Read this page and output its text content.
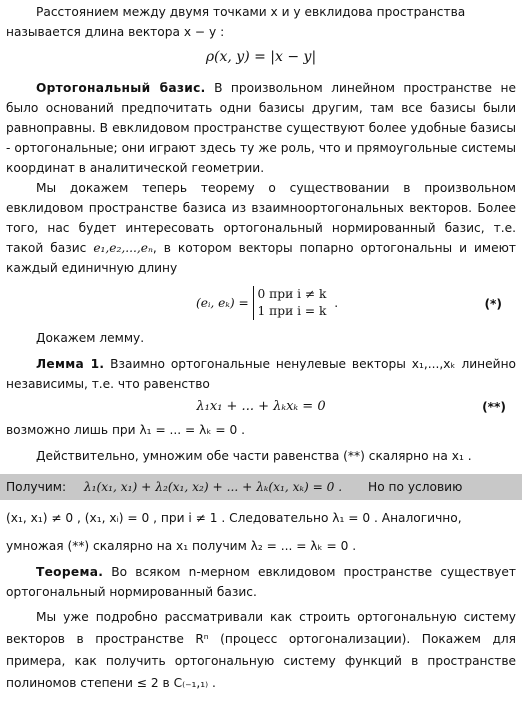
Расстоянием между двумя точками x и y евклидова пространства
называется длина вектора x − y :
ρ(x, y) = |x − y|
Ортогональный базис. В произвольном линейном пространстве не было оснований предпочитать одни базисы другим, там все базисы были равноправны. В евклидовом пространстве существуют более удобные базисы - ортогональные; они играют здесь ту же роль, что и прямоугольные системы координат в аналитической геометрии.
Мы докажем теперь теорему о существовании в произвольном евклидовом пространстве базиса из взаимноортогональных векторов. Более того, нас будет интересовать ортогональный нормированный базис, т.е. такой базис e₁,e₂,...,eₙ, в котором векторы попарно ортогональны и имеют каждый единичную длину
(eᵢ, eₖ) = 0 при i ≠ k
1 при i = k .	(*)
Докажем лемму.
Лемма 1. Взаимно ортогональные ненулевые векторы x₁,...,xₖ линейно независимы, т.е. что равенство
λ₁x₁ + ... + λₖxₖ = 0	(**)
возможно лишь при λ₁ = ... = λₖ = 0 .
Действительно, умножим обе части равенства (**) скалярно на x₁ .
Получим: λ₁(x₁, x₁) + λ₂(x₁, x₂) + ... + λₖ(x₁, xₖ) = 0 . Но по условию
(x₁, x₁) ≠ 0 , (x₁, xᵢ) = 0 , при i ≠ 1 . Следовательно λ₁ = 0 . Аналогично,
умножая (**) скалярно на x₁ получим λ₂ = ... = λₖ = 0 .
Теорема. Во всяком n-мерном евклидовом пространстве существует ортогональный нормированный базис.
Мы уже подробно рассматривали как строить ортогональную систему векторов в пространстве Rⁿ (процесс ортогонализации). Покажем для примера, как получить ортогональную систему функций в пространстве полиномов степени ≤ 2 в C₍₋₁,₁₎ .
